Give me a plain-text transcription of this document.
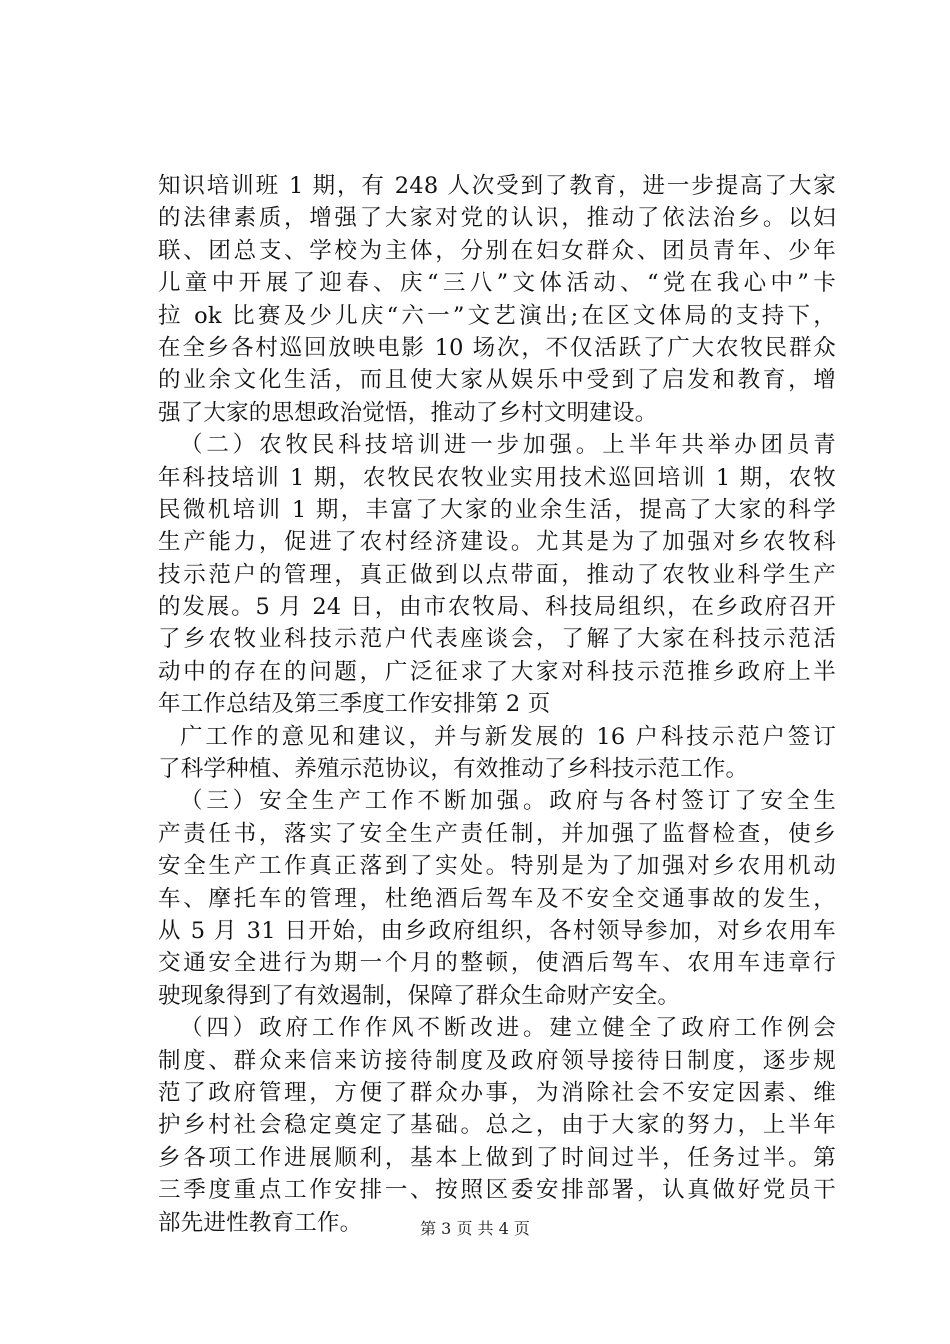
知识培训班 1 期，有 248 人次受到了教育，进一步提高了大家
的法律素质，增强了大家对党的认识，推动了依法治乡。以妇
联、团总支、学校为主体，分别在妇女群众、团员青年、少年
儿童中开展了迎春、庆“三八”文体活动、“党在我心中”卡
拉 ok 比赛及少儿庆“六一”文艺演出;在区文体局的支持下，
在全乡各村巡回放映电影 10 场次，不仅活跃了广大农牧民群众
的业余文化生活，而且使大家从娱乐中受到了启发和教育，增
强了大家的思想政治觉悟，推动了乡村文明建设。
（二）农牧民科技培训进一步加强。上半年共举办团员青
年科技培训 1 期，农牧民农牧业实用技术巡回培训 1 期，农牧
民微机培训 1 期，丰富了大家的业余生活，提高了大家的科学
生产能力，促进了农村经济建设。尤其是为了加强对乡农牧科
技示范户的管理，真正做到以点带面，推动了农牧业科学生产
的发展。5 月 24 日，由市农牧局、科技局组织，在乡政府召开
了乡农牧业科技示范户代表座谈会，了解了大家在科技示范活
动中的存在的问题，广泛征求了大家对科技示范推乡政府上半
年工作总结及第三季度工作安排第 2 页
广工作的意见和建议，并与新发展的 16 户科技示范户签订
了科学种植、养殖示范协议，有效推动了乡科技示范工作。
（三）安全生产工作不断加强。政府与各村签订了安全生
产责任书，落实了安全生产责任制，并加强了监督检查，使乡
安全生产工作真正落到了实处。特别是为了加强对乡农用机动
车、摩托车的管理，杜绝酒后驾车及不安全交通事故的发生，
从 5 月 31 日开始，由乡政府组织，各村领导参加，对乡农用车
交通安全进行为期一个月的整顿，使酒后驾车、农用车违章行
驶现象得到了有效遏制，保障了群众生命财产安全。
（四）政府工作作风不断改进。建立健全了政府工作例会
制度、群众来信来访接待制度及政府领导接待日制度，逐步规
范了政府管理，方便了群众办事，为消除社会不安定因素、维
护乡村社会稳定奠定了基础。总之，由于大家的努力，上半年
乡各项工作进展顺利，基本上做到了时间过半，任务过半。第
三季度重点工作安排一、按照区委安排部署，认真做好党员干
部先进性教育工作。	第 3 页 共 4 页
